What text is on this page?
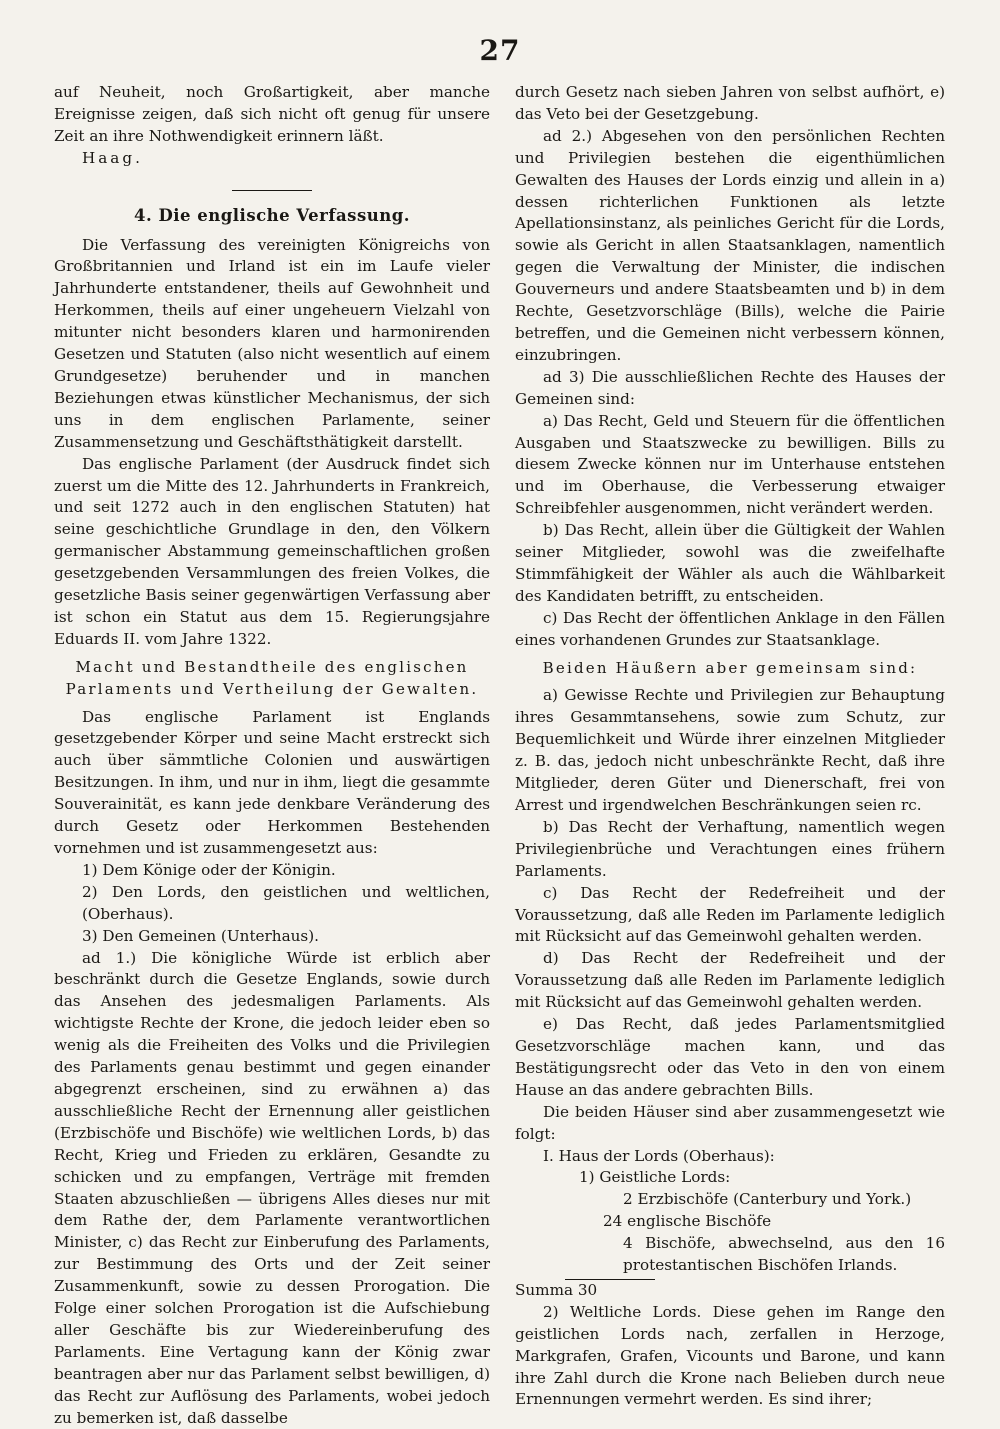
27

auf Neuheit, noch Großartigkeit, aber manche Ereignisse zeigen, daß sich nicht oft genug für unsere Zeit an ihre Nothwendigkeit erinnern läßt.

Haag.

4. Die englische Verfassung.

Die Verfassung des vereinigten Königreichs von Großbritannien und Irland ist ein im Laufe vieler Jahrhunderte entstandener, theils auf Gewohnheit und Herkommen, theils auf einer ungeheuern Vielzahl von mitunter nicht besonders klaren und harmonirenden Gesetzen und Statuten (also nicht wesentlich auf einem Grundgesetze) beruhender und in manchen Beziehungen etwas künstlicher Mechanismus, der sich uns in dem englischen Parlamente, seiner Zusammensetzung und Geschäftsthätigkeit darstellt.

Das englische Parlament (der Ausdruck findet sich zuerst um die Mitte des 12. Jahrhunderts in Frankreich, und seit 1272 auch in den englischen Statuten) hat seine geschichtliche Grundlage in den, den Völkern germanischer Abstammung gemeinschaftlichen großen gesetzgebenden Versammlungen des freien Volkes, die gesetzliche Basis seiner gegenwärtigen Verfassung aber ist schon ein Statut aus dem 15. Regierungsjahre Eduards II. vom Jahre 1322.

Macht und Bestandtheile des englischen Parlaments und Vertheilung der Gewalten.

Das englische Parlament ist Englands gesetzgebender Körper und seine Macht erstreckt sich auch über sämmtliche Colonien und auswärtigen Besitzungen. In ihm, und nur in ihm, liegt die gesammte Souverainität, es kann jede denkbare Veränderung des durch Gesetz oder Herkommen Bestehenden vornehmen und ist zusammengesetzt aus:

1) Dem Könige oder der Königin.

2) Den Lords, den geistlichen und weltlichen, (Oberhaus).

3) Den Gemeinen (Unterhaus).

ad 1.) Die königliche Würde ist erblich aber beschränkt durch die Gesetze Englands, sowie durch das Ansehen des jedesmaligen Parlaments. Als wichtigste Rechte der Krone, die jedoch leider eben so wenig als die Freiheiten des Volks und die Privilegien des Parlaments genau bestimmt und gegen einander abgegrenzt erscheinen, sind zu erwähnen a) das ausschließliche Recht der Ernennung aller geistlichen (Erzbischöfe und Bischöfe) wie weltlichen Lords, b) das Recht, Krieg und Frieden zu erklären, Gesandte zu schicken und zu empfangen, Verträge mit fremden Staaten abzuschließen — übrigens Alles dieses nur mit dem Rathe der, dem Parlamente verantwortlichen Minister, c) das Recht zur Einberufung des Parlaments, zur Bestimmung des Orts und der Zeit seiner Zusammenkunft, sowie zu dessen Prorogation. Die Folge einer solchen Prorogation ist die Aufschiebung aller Geschäfte bis zur Wiedereinberufung des Parlaments. Eine Vertagung kann der König zwar beantragen aber nur das Parlament selbst bewilligen, d) das Recht zur Auflösung des Parlaments, wobei jedoch zu bemerken ist, daß dasselbe

durch Gesetz nach sieben Jahren von selbst aufhört, e) das Veto bei der Gesetzgebung.

ad 2.) Abgesehen von den persönlichen Rechten und Privilegien bestehen die eigenthümlichen Gewalten des Hauses der Lords einzig und allein in a) dessen richterlichen Funktionen als letzte Apellationsinstanz, als peinliches Gericht für die Lords, sowie als Gericht in allen Staatsanklagen, namentlich gegen die Verwaltung der Minister, die indischen Gouverneurs und andere Staatsbeamten und b) in dem Rechte, Gesetzvorschläge (Bills), welche die Pairie betreffen, und die Gemeinen nicht verbessern können, einzubringen.

ad 3) Die ausschließlichen Rechte des Hauses der Gemeinen sind:

a) Das Recht, Geld und Steuern für die öffentlichen Ausgaben und Staatszwecke zu bewilligen. Bills zu diesem Zwecke können nur im Unterhause entstehen und im Oberhause, die Verbesserung etwaiger Schreibfehler ausgenommen, nicht verändert werden.

b) Das Recht, allein über die Gültigkeit der Wahlen seiner Mitglieder, sowohl was die zweifelhafte Stimmfähigkeit der Wähler als auch die Wählbarkeit des Kandidaten betrifft, zu entscheiden.

c) Das Recht der öffentlichen Anklage in den Fällen eines vorhandenen Grundes zur Staatsanklage.

Beiden Häußern aber gemeinsam sind:

a) Gewisse Rechte und Privilegien zur Behauptung ihres Gesammtansehens, sowie zum Schutz, zur Bequemlichkeit und Würde ihrer einzelnen Mitglieder z. B. das, jedoch nicht unbeschränkte Recht, daß ihre Mitglieder, deren Güter und Dienerschaft, frei von Arrest und irgendwelchen Beschränkungen seien rc.

b) Das Recht der Verhaftung, namentlich wegen Privilegienbrüche und Verachtungen eines frühern Parlaments.

c) Das Recht der Redefreiheit und der Voraussetzung, daß alle Reden im Parlamente lediglich mit Rücksicht auf das Gemeinwohl gehalten werden.

d) Das Recht der Redefreiheit und der Voraussetzung daß alle Reden im Parlamente lediglich mit Rücksicht auf das Gemeinwohl gehalten werden.

e) Das Recht, daß jedes Parlamentsmitglied Gesetzvorschläge machen kann, und das Bestätigungsrecht oder das Veto in den von einem Hause an das andere gebrachten Bills.

Die beiden Häuser sind aber zusammengesetzt wie folgt:

I. Haus der Lords (Oberhaus):

1) Geistliche Lords:

2 Erzbischöfe (Canterbury und York.)

24 englische Bischöfe

4 Bischöfe, abwechselnd, aus den 16 protestantischen Bischöfen Irlands.

Summa 30

2) Weltliche Lords. Diese gehen im Range den geistlichen Lords nach, zerfallen in Herzoge, Markgrafen, Grafen, Vicounts und Barone, und kann ihre Zahl durch die Krone nach Belieben durch neue Ernennungen vermehrt werden. Es sind ihrer;
